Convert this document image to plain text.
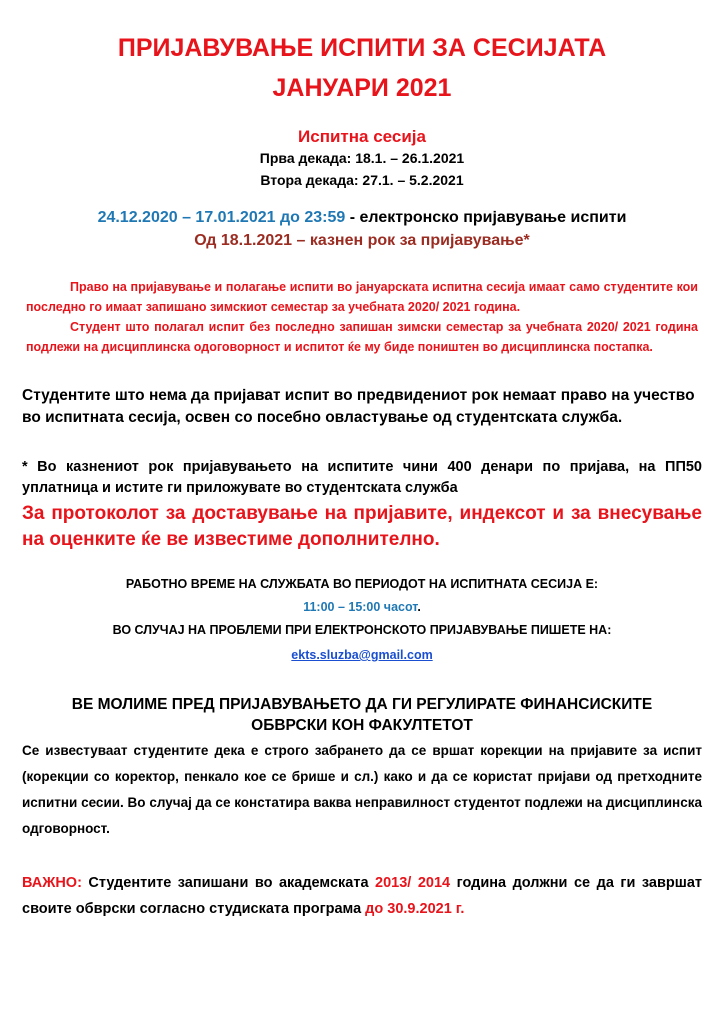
ПРИЈАВУВАЊЕ ИСПИТИ ЗА СЕСИЈАТА
ЈАНУАРИ 2021
Испитна сесија
Прва декада: 18.1. – 26.1.2021
Втора декада: 27.1. – 5.2.2021
24.12.2020 – 17.01.2021 до 23:59 - електронско пријавување испити
Од 18.1.2021 – казнен рок за пријавување*

Право на пријавување и полагање испити во јануарската испитна сесија имаат само студентите кои последно го имаат запишано зимскиот семестар за учебната 2020/ 2021 година.

Студент што полагал испит без последно запишан зимски семестар за учебната 2020/ 2021 година подлежи на дисциплинска одоговорност и испитот ќе му биде поништен во дисциплинска постапка.

Студентите што нема да пријават испит во предвидениот рок немаат право на учество во испитната сесија, освен со посебно овластување од студентската служба.
* Во казнениот рок пријавувањето на испитите чини 400 денари по пријава, на ПП50 уплатница и истите ги приложувате во студентската служба
За протоколот за доставување на пријавите, индексот и за внесување на оценките ќе ве известиме дополнително.
РАБОТНО ВРЕМЕ НА СЛУЖБАТА ВО ПЕРИОДОТ НА ИСПИТНАТА СЕСИЈА Е:
11:00 – 15:00 часот.
ВО СЛУЧАЈ НА ПРОБЛЕМИ ПРИ ЕЛЕКТРОНСКОТО ПРИЈАВУВАЊЕ ПИШЕТЕ НА:
ekts.sluzba@gmail.com
ВЕ МОЛИМЕ ПРЕД ПРИЈАВУВАЊЕТО ДА ГИ РЕГУЛИРАТЕ ФИНАНСИСКИТЕ
ОБВРСКИ КОН ФАКУЛТЕТОТ
Се известуваат студентите дека е строго забрането да се вршат корекции на пријавите за испит (корекции со коректор, пенкало кое се брише и сл.) како и да се користат пријави од претходните испитни сесии. Во случај да се констатира ваква неправилност студентот подлежи на дисциплинска одговорност.
ВАЖНО: Студентите запишани во академската 2013/ 2014 година должни се да ги завршат своите обврски согласно студиската програма до 30.9.2021 г.
